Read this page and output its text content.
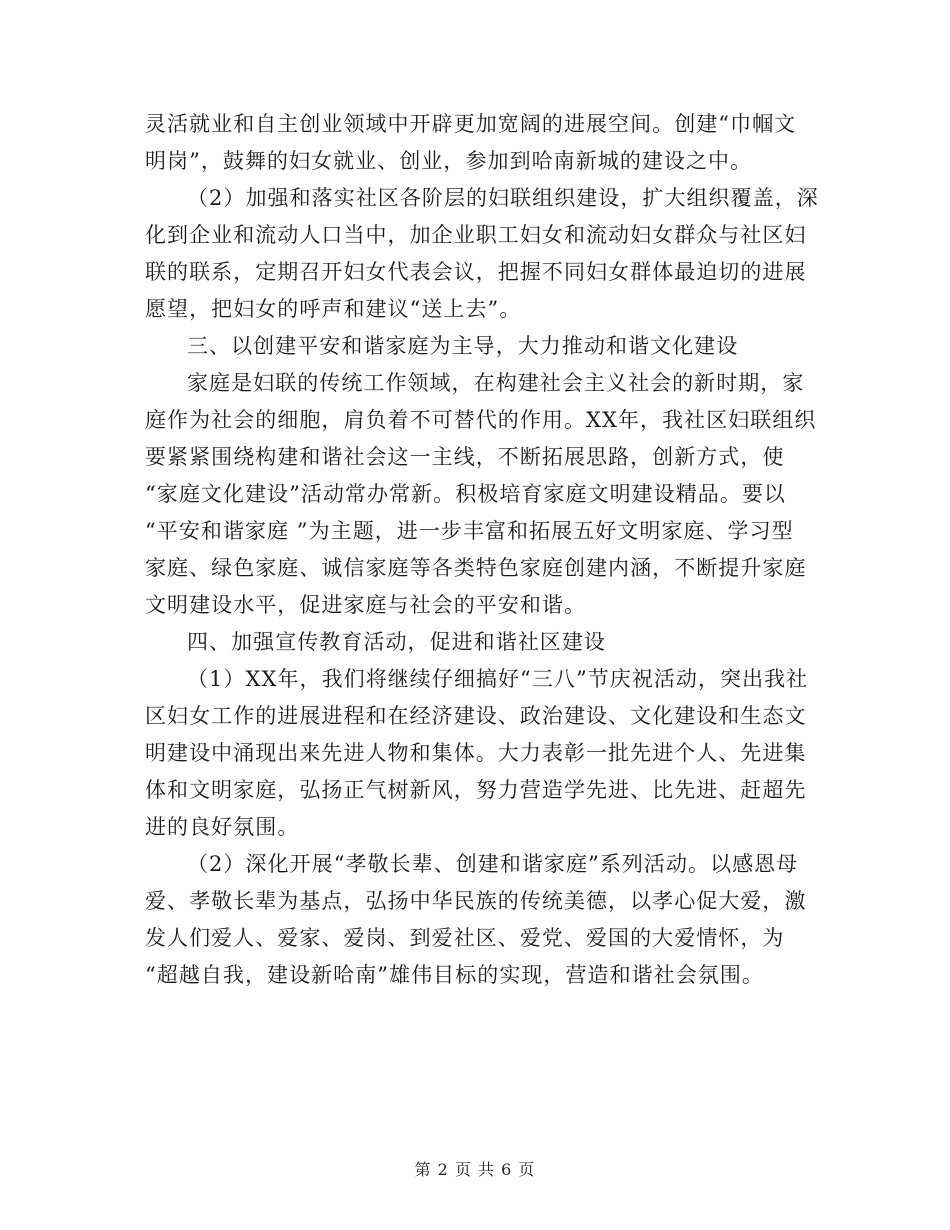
灵活就业和自主创业领域中开辟更加宽阔的进展空间。创建“巾帼文
明岗”，鼓舞的妇女就业、创业，参加到哈南新城的建设之中。
（2）加强和落实社区各阶层的妇联组织建设，扩大组织覆盖，深
化到企业和流动人口当中，加企业职工妇女和流动妇女群众与社区妇
联的联系，定期召开妇女代表会议，把握不同妇女群体最迫切的进展
愿望，把妇女的呼声和建议“送上去”。
三、以创建平安和谐家庭为主导，大力推动和谐文化建设
家庭是妇联的传统工作领域，在构建社会主义社会的新时期，家
庭作为社会的细胞，肩负着不可替代的作用。XX年，我社区妇联组织
要紧紧围绕构建和谐社会这一主线，不断拓展思路，创新方式，使
“家庭文化建设”活动常办常新。积极培育家庭文明建设精品。要以
“平安和谐家庭 ”为主题，进一步丰富和拓展五好文明家庭、学习型
家庭、绿色家庭、诚信家庭等各类特色家庭创建内涵，不断提升家庭
文明建设水平，促进家庭与社会的平安和谐。
四、加强宣传教育活动，促进和谐社区建设
（1）XX年，我们将继续仔细搞好“三八”节庆祝活动，突出我社
区妇女工作的进展进程和在经济建设、政治建设、文化建设和生态文
明建设中涌现出来先进人物和集体。大力表彰一批先进个人、先进集
体和文明家庭，弘扬正气树新风，努力营造学先进、比先进、赶超先
进的良好氛围。
（2）深化开展“孝敬长辈、创建和谐家庭”系列活动。以感恩母
爱、孝敬长辈为基点，弘扬中华民族的传统美德，以孝心促大爱，激
发人们爱人、爱家、爱岗、到爱社区、爱党、爱国的大爱情怀，为
“超越自我，建设新哈南”雄伟目标的实现，营造和谐社会氛围。
第 2 页 共 6 页
